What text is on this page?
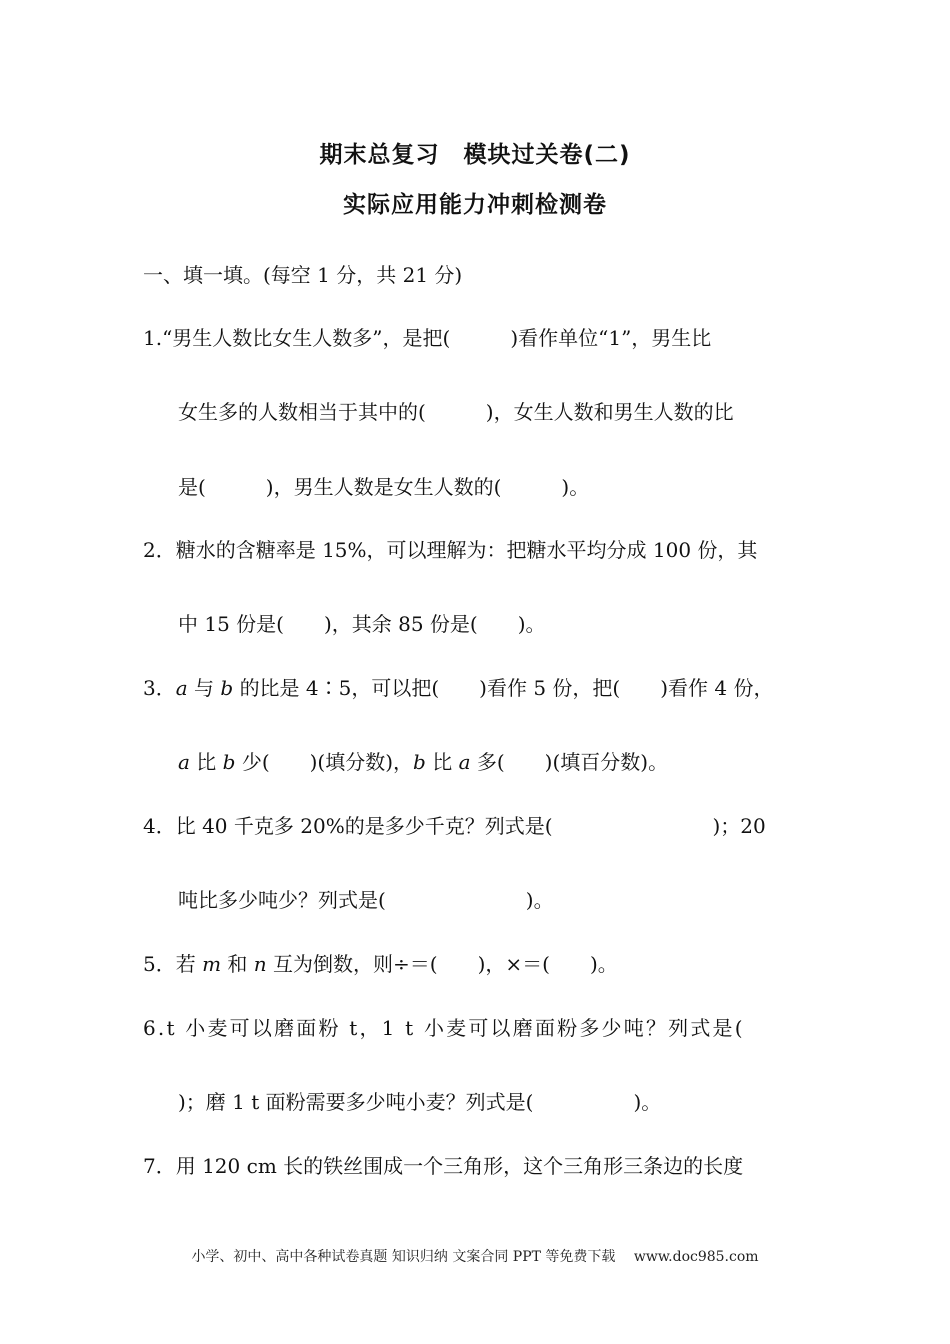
期末总复习　模块过关卷(二)
实际应用能力冲刺检测卷
一、填一填。(每空 1 分，共 21 分)
1.“男生人数比女生人数多”，是把(　　　)看作单位“1”，男生比
女生多的人数相当于其中的(　　　)，女生人数和男生人数的比
是(　　　)，男生人数是女生人数的(　　　)。
2．糖水的含糖率是 15%，可以理解为：把糖水平均分成 100 份，其
中 15 份是(　　)，其余 85 份是(　　)。
3．a 与 b 的比是 4∶5，可以把(　　)看作 5 份，把(　　)看作 4 份，
a 比 b 少(　　)(填分数)，b 比 a 多(　　)(填百分数)。
4．比 40 千克多 20%的是多少千克？列式是(　　　　　　　　)；20
吨比多少吨少？列式是(　　　　　　　)。
5．若 m 和 n 互为倒数，则÷＝(　　)，×＝(　　)。
6.t 小麦可以磨面粉 t，1 t 小麦可以磨面粉多少吨？列式是(
)；磨 1 t 面粉需要多少吨小麦？列式是(　　　　　)。
7．用 120 cm 长的铁丝围成一个三角形，这个三角形三条边的长度
小学、初中、高中各种试卷真题 知识归纳 文案合同 PPT 等免费下载　 www.doc985.com
